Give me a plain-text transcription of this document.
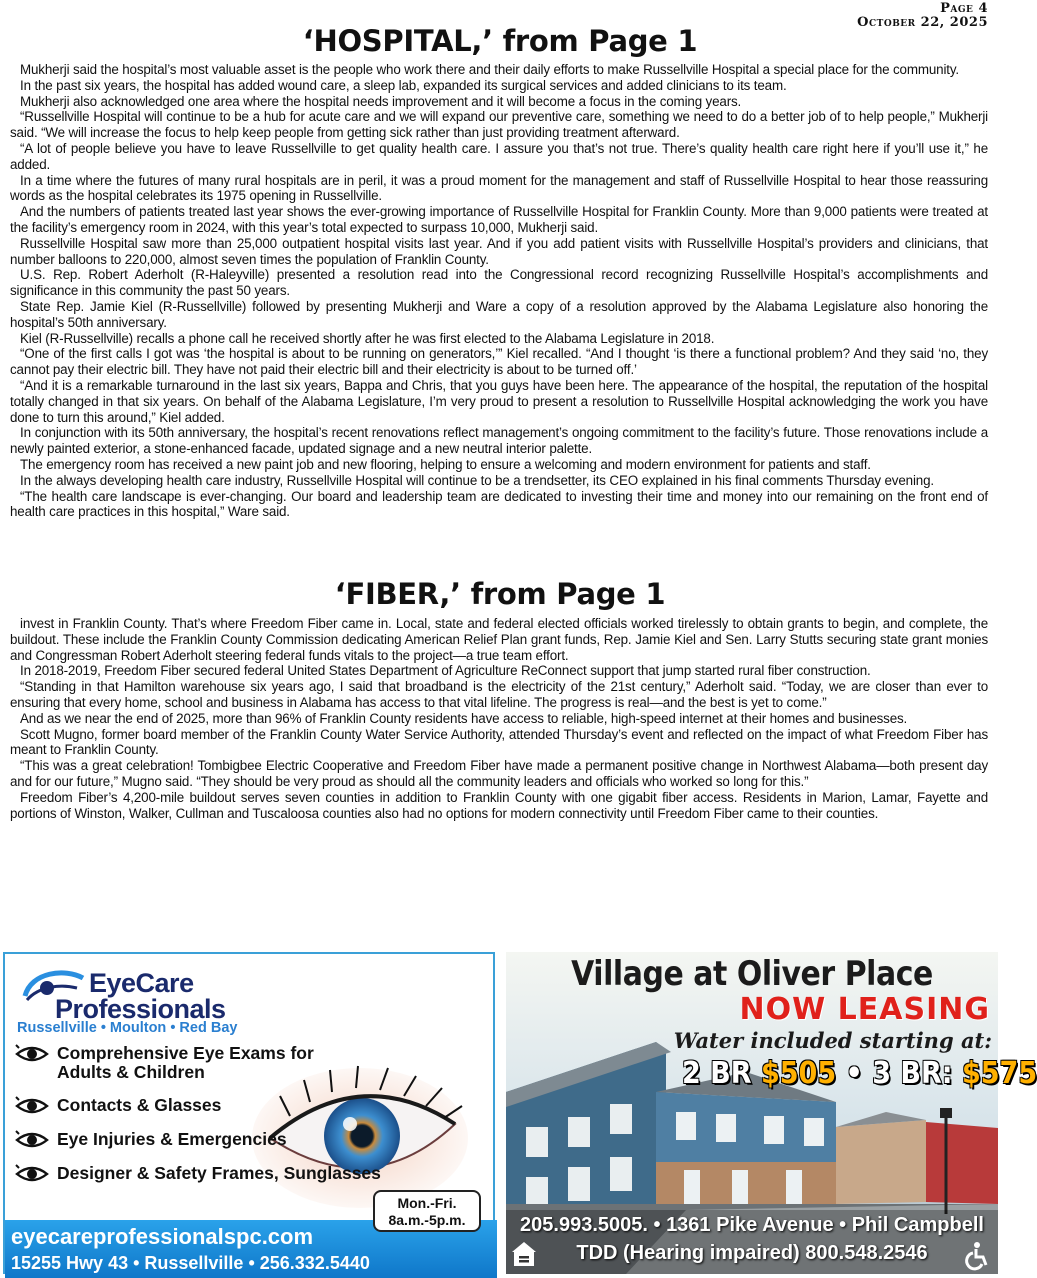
Page 4
October 22, 2025
‘HOSPITAL,’ from Page 1

Mukherji said the hospital’s most valuable asset is the people who work there and their daily efforts to make Russellville Hospital a special place for the community.

In the past six years, the hospital has added wound care, a sleep lab, expanded its surgical services and added clinicians to its team.

Mukherji also acknowledged one area where the hospital needs improvement and it will become a focus in the coming years.

“Russellville Hospital will continue to be a hub for acute care and we will expand our preventive care, something we need to do a better job of to help people,” Mukherji said. “We will increase the focus to help keep people from getting sick rather than just providing treatment afterward.

“A lot of people believe you have to leave Russellville to get quality health care. I assure you that’s not true. There’s quality health care right here if you’ll use it,” he added.

In a time where the futures of many rural hospitals are in peril, it was a proud moment for the management and staff of Russellville Hospital to hear those reassuring words as the hospital celebrates its 1975 opening in Russellville.

And the numbers of patients treated last year shows the ever-growing importance of Russellville Hospital for Franklin County. More than 9,000 patients were treated at the facility’s emergency room in 2024, with this year’s total expected to surpass 10,000, Mukherji said.

Russellville Hospital saw more than 25,000 outpatient hospital visits last year. And if you add patient visits with Russellville Hospital’s providers and clinicians, that number balloons to 220,000, almost seven times the population of Franklin County.

U.S. Rep. Robert Aderholt (R-Haleyville) presented a resolution read into the Congressional record recognizing Russellville Hospital’s accomplishments and significance in this community the past 50 years.

State Rep. Jamie Kiel (R-Russellville) followed by presenting Mukherji and Ware a copy of a resolution approved by the Alabama Legislature also honoring the hospital’s 50th anniversary.

Kiel (R-Russellville) recalls a phone call he received shortly after he was first elected to the Alabama Legislature in 2018.

“One of the first calls I got was ‘the hospital is about to be running on generators,’” Kiel recalled. “And I thought ‘is there a functional problem? And they said ‘no, they cannot pay their electric bill. They have not paid their electric bill and their electricity is about to be turned off.’

“And it is a remarkable turnaround in the last six years, Bappa and Chris, that you guys have been here. The appearance of the hospital, the reputation of the hospital totally changed in that six years. On behalf of the Alabama Legislature, I’m very proud to present a resolution to Russellville Hospital acknowledging the work you have done to turn this around,” Kiel added.

In conjunction with its 50th anniversary, the hospital’s recent renovations reflect management’s ongoing commitment to the facility’s future. Those renovations include a newly painted exterior, a stone-enhanced facade, updated signage and a new neutral interior palette.

The emergency room has received a new paint job and new flooring, helping to ensure a welcoming and modern environment for patients and staff.

In the always developing health care industry, Russellville Hospital will continue to be a trendsetter, its CEO explained in his final comments Thursday evening.

“The health care landscape is ever-changing. Our board and leadership team are dedicated to investing their time and money into our remaining on the front end of health care practices in this hospital,” Ware said.

‘FIBER,’ from Page 1

invest in Franklin County. That’s where Freedom Fiber came in. Local, state and federal elected officials worked tirelessly to obtain grants to begin, and complete, the buildout. These include the Franklin County Commission dedicating American Relief Plan grant funds, Rep. Jamie Kiel and Sen. Larry Stutts securing state grant monies and Congressman Robert Aderholt steering federal funds vitals to the project—a true team effort.

In 2018-2019, Freedom Fiber secured federal United States Department of Agriculture ReConnect support that jump started rural fiber construction.

“Standing in that Hamilton warehouse six years ago, I said that broadband is the electricity of the 21st century,” Aderholt said. “Today, we are closer than ever to ensuring that every home, school and business in Alabama has access to that vital lifeline. The progress is real—and the best is yet to come.”

And as we near the end of 2025, more than 96% of Franklin County residents have access to reliable, high-speed internet at their homes and businesses.

Scott Mugno, former board member of the Franklin County Water Service Authority, attended Thursday’s event and reflected on the impact of what Freedom Fiber has meant to Franklin County.

“This was a great celebration! Tombigbee Electric Cooperative and Freedom Fiber have made a permanent positive change in Northwest Alabama—both present day and for our future,” Mugno said. “They should be very proud as should all the community leaders and officials who worked so long for this.”

Freedom Fiber’s 4,200-mile buildout serves seven counties in addition to Franklin County with one gigabit fiber access. Residents in Marion, Lamar, Fayette and portions of Winston, Walker, Cullman and Tuscaloosa counties also had no options for modern connectivity until Freedom Fiber came to their counties.

EyeCare
Professionals
Russellville • Moulton • Red Bay
Comprehensive Eye Exams for Adults & Children
Contacts & Glasses
Eye Injuries & Emergencies
Designer & Safety Frames, Sunglasses
Mon.-Fri.
8a.m.-5p.m.
eyecareprofessionalspc.com
15255 Hwy 43 • Russellville • 256.332.5440
Village at Oliver Place
NOW LEASING
Water included starting at:
2 BR $505 • 3 BR: $575
205.993.5005. • 1361 Pike Avenue • Phil Campbell
TDD (Hearing impaired) 800.548.2546
